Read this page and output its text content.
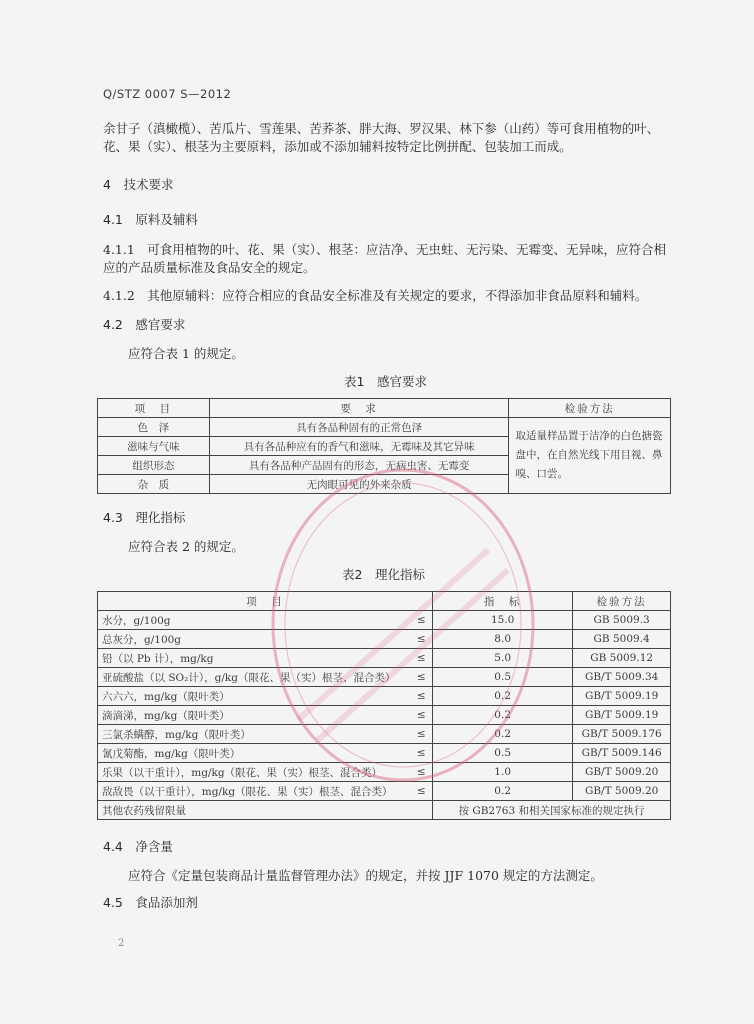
Q/STZ 0007 S—2012
余甘子（滇橄榄）、苦瓜片、雪莲果、苦荞茶、胖大海、罗汉果、林下参（山药）等可食用植物的叶、
花、果（实）、根茎为主要原料，添加或不添加辅料按特定比例拼配、包装加工而成。
4　技术要求
4.1　原料及辅料
4.1.1　可食用植物的叶、花、果（实）、根茎：应洁净、无虫蛀、无污染、无霉变、无异味，应符合相
应的产品质量标准及食品安全的规定。
4.1.2　其他原辅料：应符合相应的食品安全标准及有关规定的要求，不得添加非食品原料和辅料。
4.2　感官要求
应符合表 1 的规定。
表1　感官要求
项　目	要　求	检验方法
色　泽	具有各品种固有的正常色泽	取适量样品置于洁净的白色搪瓷盘中，在自然光线下用目视、鼻嗅、口尝。
滋味与气味	具有各品种应有的香气和滋味，无霉味及其它异味	
组织形态	具有各品种产品固有的形态，无病虫害、无霉变	
杂　质	无肉眼可见的外来杂质	
4.3　理化指标
应符合表 2 的规定。
表2　理化指标
项　目		指　标	检验方法
水分，g/100g	≤	15.0	GB 5009.3
总灰分，g/100g	≤	8.0	GB 5009.4
铅（以 Pb 计），mg/kg	≤	5.0	GB 5009.12
亚硫酸盐（以 SO₂计），g/kg（限花、果（实）根茎、混合类）	≤	0.5	GB/T 5009.34
六六六，mg/kg（限叶类）	≤	0.2	GB/T 5009.19
滴滴涕，mg/kg（限叶类）	≤	0.2	GB/T 5009.19
三氯杀螨醇，mg/kg（限叶类）	≤	0.2	GB/T 5009.176
氰戊菊酯，mg/kg（限叶类）	≤	0.5	GB/T 5009.146
乐果（以干重计），mg/kg（限花、果（实）根茎、混合类）	≤	1.0	GB/T 5009.20
敌敌畏（以干重计），mg/kg（限花、果（实）根茎、混合类）	≤	0.2	GB/T 5009.20
其他农药残留限量		按 GB2763 和相关国家标准的规定执行	
4.4　净含量
应符合《定量包装商品计量监督管理办法》的规定，并按 JJF 1070 规定的方法测定。
4.5　食品添加剂
2
